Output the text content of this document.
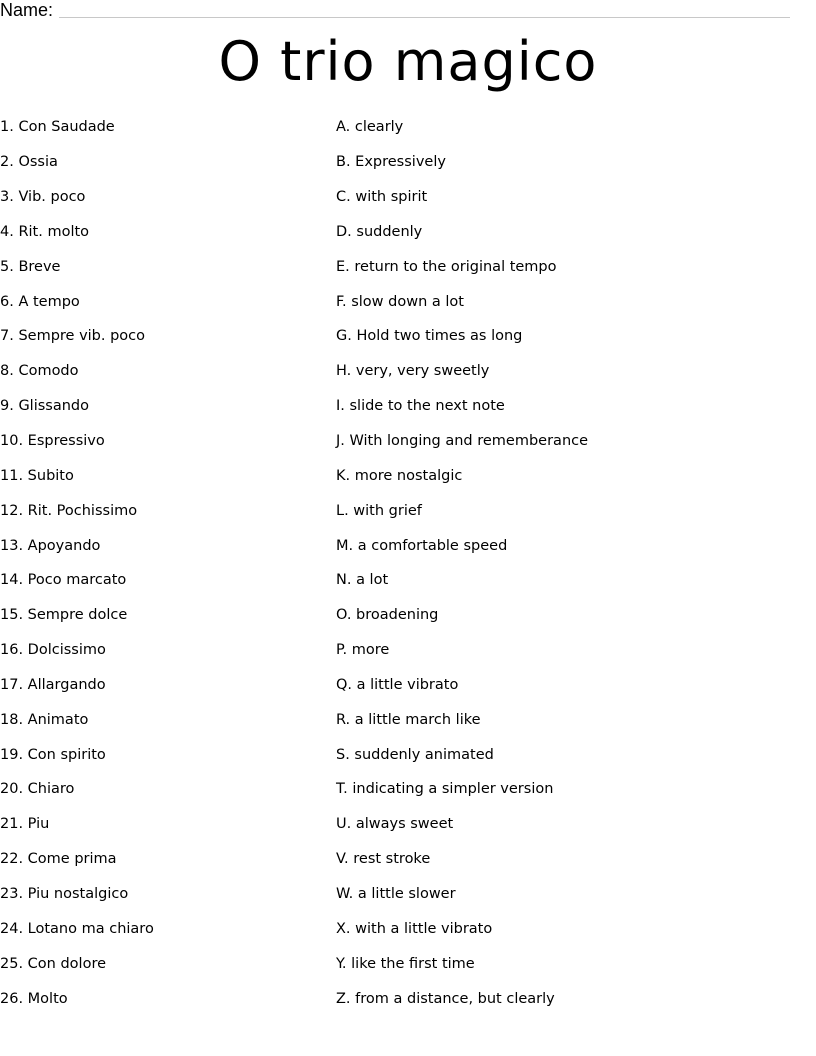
Name:
O trio magico
1. Con Saudade
2. Ossia
3. Vib. poco
4. Rit. molto
5. Breve
6. A tempo
7. Sempre vib. poco
8. Comodo
9. Glissando
10. Espressivo
11. Subito
12. Rit. Pochissimo
13. Apoyando
14. Poco marcato
15. Sempre dolce
16. Dolcissimo
17. Allargando
18. Animato
19. Con spirito
20. Chiaro
21. Piu
22. Come prima
23. Piu nostalgico
24. Lotano ma chiaro
25. Con dolore
26. Molto
A. clearly
B. Expressively
C. with spirit
D. suddenly
E. return to the original tempo
F. slow down a lot
G. Hold two times as long
H. very, very sweetly
I. slide to the next note
J. With longing and rememberance
K. more nostalgic
L. with grief
M. a comfortable speed
N. a lot
O. broadening
P. more
Q. a little vibrato
R. a little march like
S. suddenly animated
T. indicating a simpler version
U. always sweet
V. rest stroke
W. a little slower
X. with a little vibrato
Y. like the first time
Z. from a distance, but clearly
